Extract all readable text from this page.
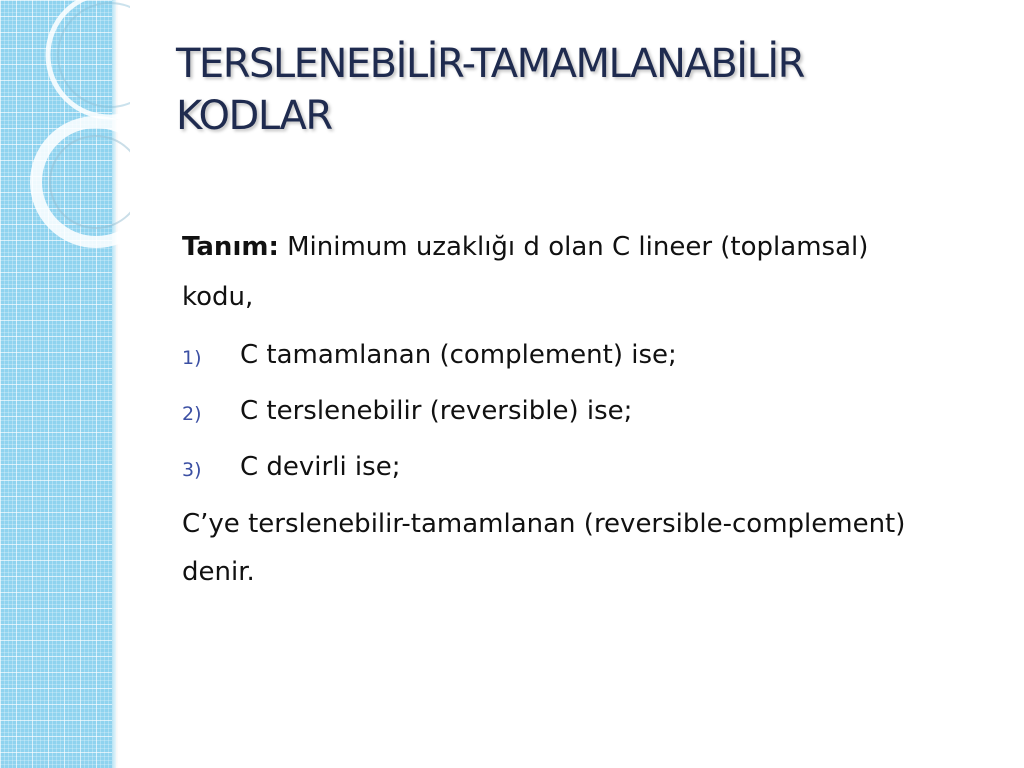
TERSLENEBİLİR-TAMAMLANABİLİR
KODLAR

Tanım: Minimum uzaklığı d olan C lineer (toplamsal) kodu,

1) C tamamlanan (complement) ise;
2) C terslenebilir (reversible) ise;
3) C devirli ise;

C’ye terslenebilir-tamamlanan (reversible-complement) denir.
